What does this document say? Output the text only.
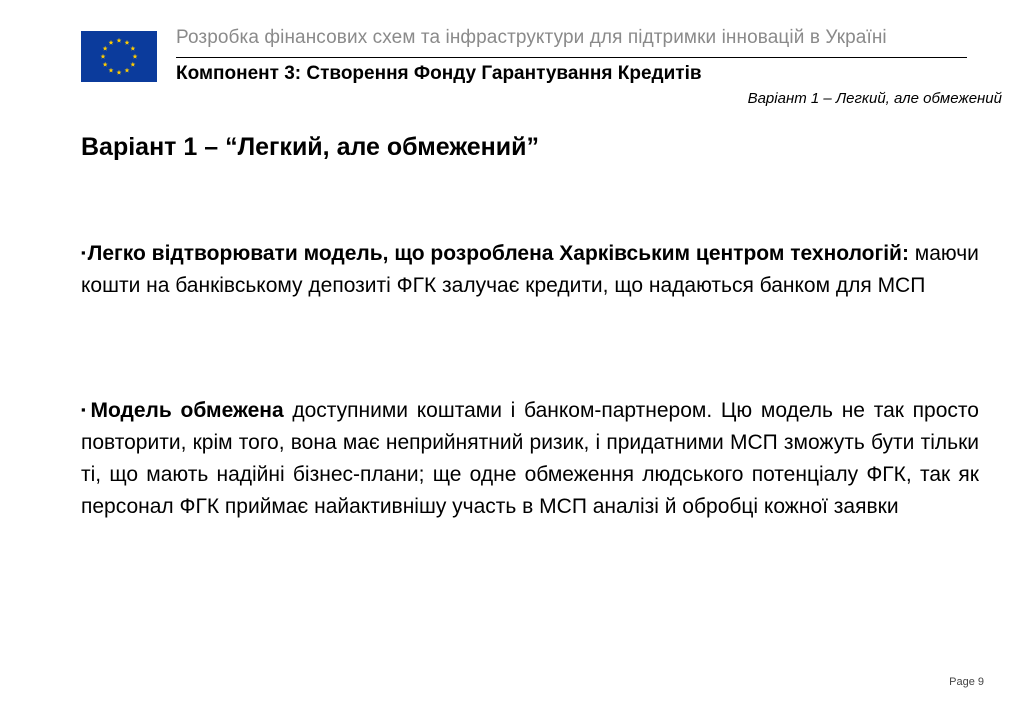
Розробка фінансових схем та інфраструктури для підтримки інновацій в Україні
Компонент 3: Створення Фонду Гарантування Кредитів
Варіант 1 – Легкий, але обмежений
Варіант 1 – “Легкий, але обмежений”
▪Легко відтворювати модель, що розроблена Харківським центром технологій: маючи кошти на банківському депозиті ФГК залучає кредити, що надаються банком для МСП
▪Модель обмежена доступними коштами і банком-партнером. Цю модель не так просто повторити, крім того, вона має неприйнятний ризик, і придатними МСП зможуть бути тільки ті, що мають надійні бізнес-плани; ще одне обмеження людського потенціалу ФГК, так як персонал ФГК приймає найактивнішу участь в МСП аналізі й обробці кожної заявки
Page 9
